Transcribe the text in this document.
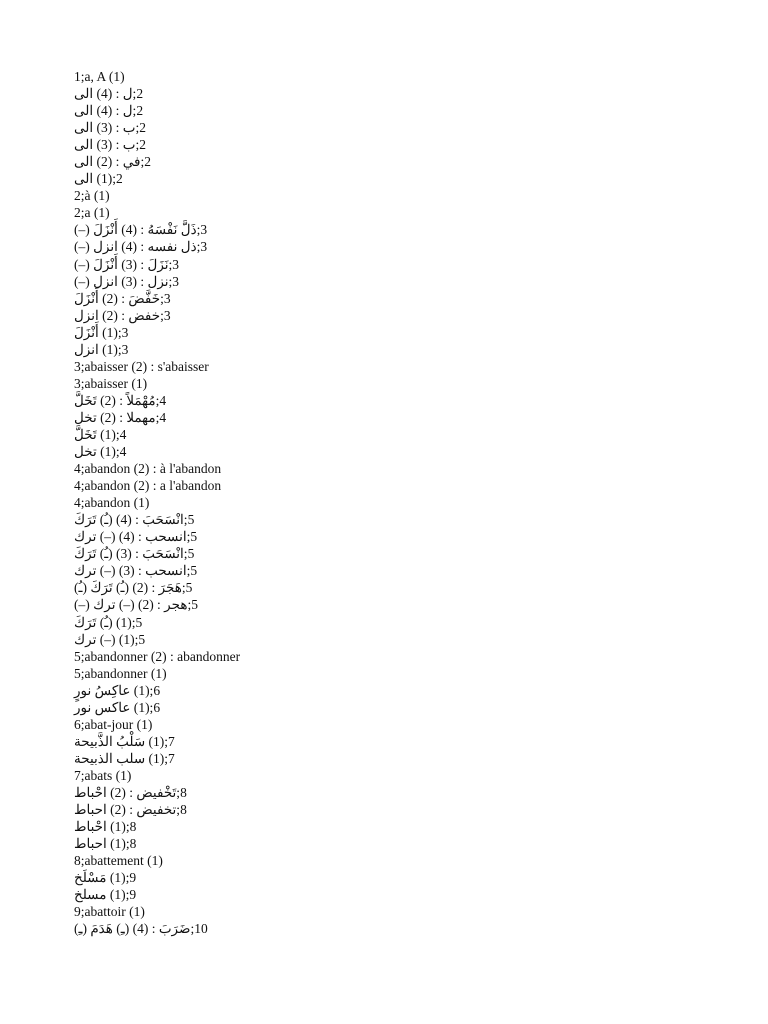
1;a, A (1)
2;ل : (4) الى
2;ل : (4) الى
2;ب : (3) الى
2;ب : (3) الى
2;في : (2) الى
2;(1) الى
2;à (1)
2;a (1)
3;ذَلَّ نَفْسَهُ : (4) أَنْزَلَ (–)
3;ذل نفسه : (4) انزل (–)
3;نَزَلَ : (3) أَنْزَلَ (–)
3;نزل : (3) انزل (–)
3;خَفَّضَ : (2) أَنْزَلَ
3;خفض : (2) انزل
3;(1) أَنْزَلَ
3;(1) انزل
3;abaisser (2) : s'abaisser
3;abaisser (1)
4;مُهْمَلاً : (2) تَخَلَّ
4;مهملا : (2) تخل
4;(1) تَخَلَّ
4;(1) تخل
4;abandon (2) : à l'abandon
4;abandon (2) : a l'abandon
4;abandon (1)
5;انْسَحَبَ : (4) (ـُ) تَرَكَ
5;انسحب : (4) (–) ترك
5;انْسَحَبَ : (3) (ـُ) تَرَكَ
5;انسحب : (3) (–) ترك
5;هَجَرَ : (2) (ـُ) تَرَكَ (ـُ)
5;هجر : (2) (–) ترك (–)
5;(1) (ـُ) تَرَكَ
5;(1) (–) ترك
5;abandonner (2) : abandonner
5;abandonner (1)
6;(1) عاكِسُ نورٍ
6;(1) عاكس نور
6;abat-jour (1)
7;(1) سَلْبُ الذَّبيحة
7;(1) سلب الذبيحة
7;abats (1)
8;تَخْفيض : (2) احْباط
8;تخفيض : (2) احباط
8;(1) احْباط
8;(1) احباط
8;abattement (1)
9;(1) مَسْلَخ
9;(1) مسلخ
9;abattoir (1)
10;ضَرَبَ : (4) (ـِ) هَدَمَ (ـِ)
